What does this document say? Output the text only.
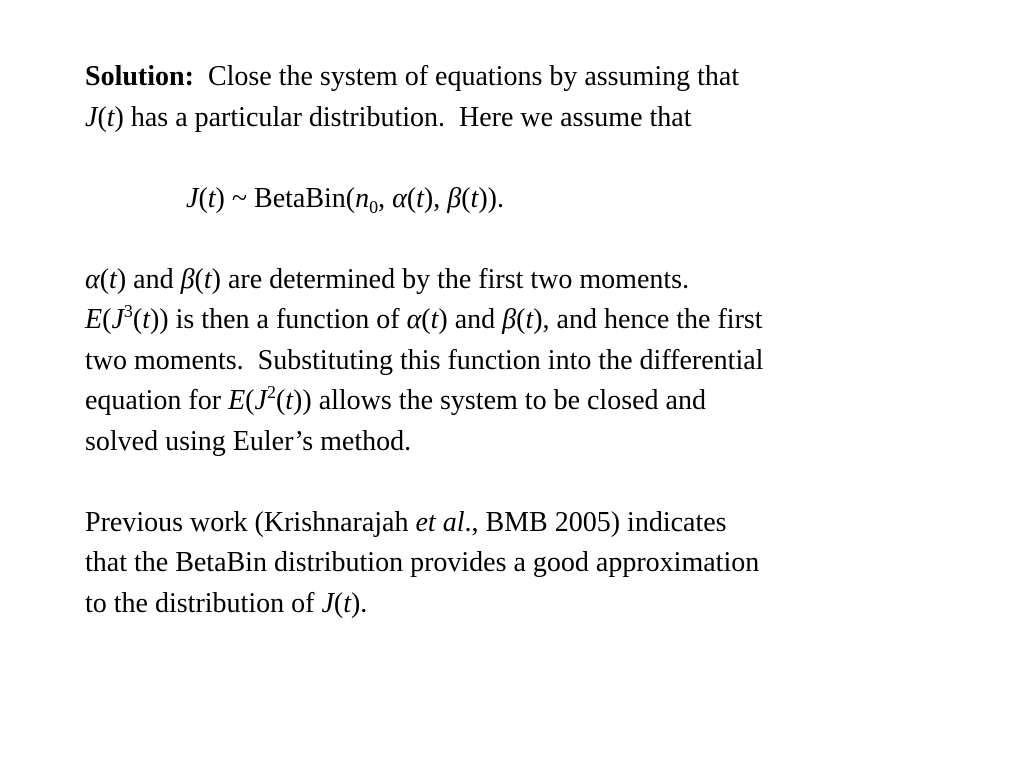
Solution:  Close the system of equations by assuming that
J(t) has a particular distribution.  Here we assume that
J(t) ~ $BetaBin(n_0$, α(t), β(t)).
α(t) and β(t) are determined by the first two moments.
$E(J^3(t))$ is then a function of α(t) and β(t), and hence the first
two moments.  Substituting this function into the differential
equation for $E(J^2(t))$ allows the system to be closed and
solved using Euler’s method.
Previous work (Krishnarajah et al., BMB 2005) indicates
that the BetaBin distribution provides a good approximation
to the distribution of J(t).
